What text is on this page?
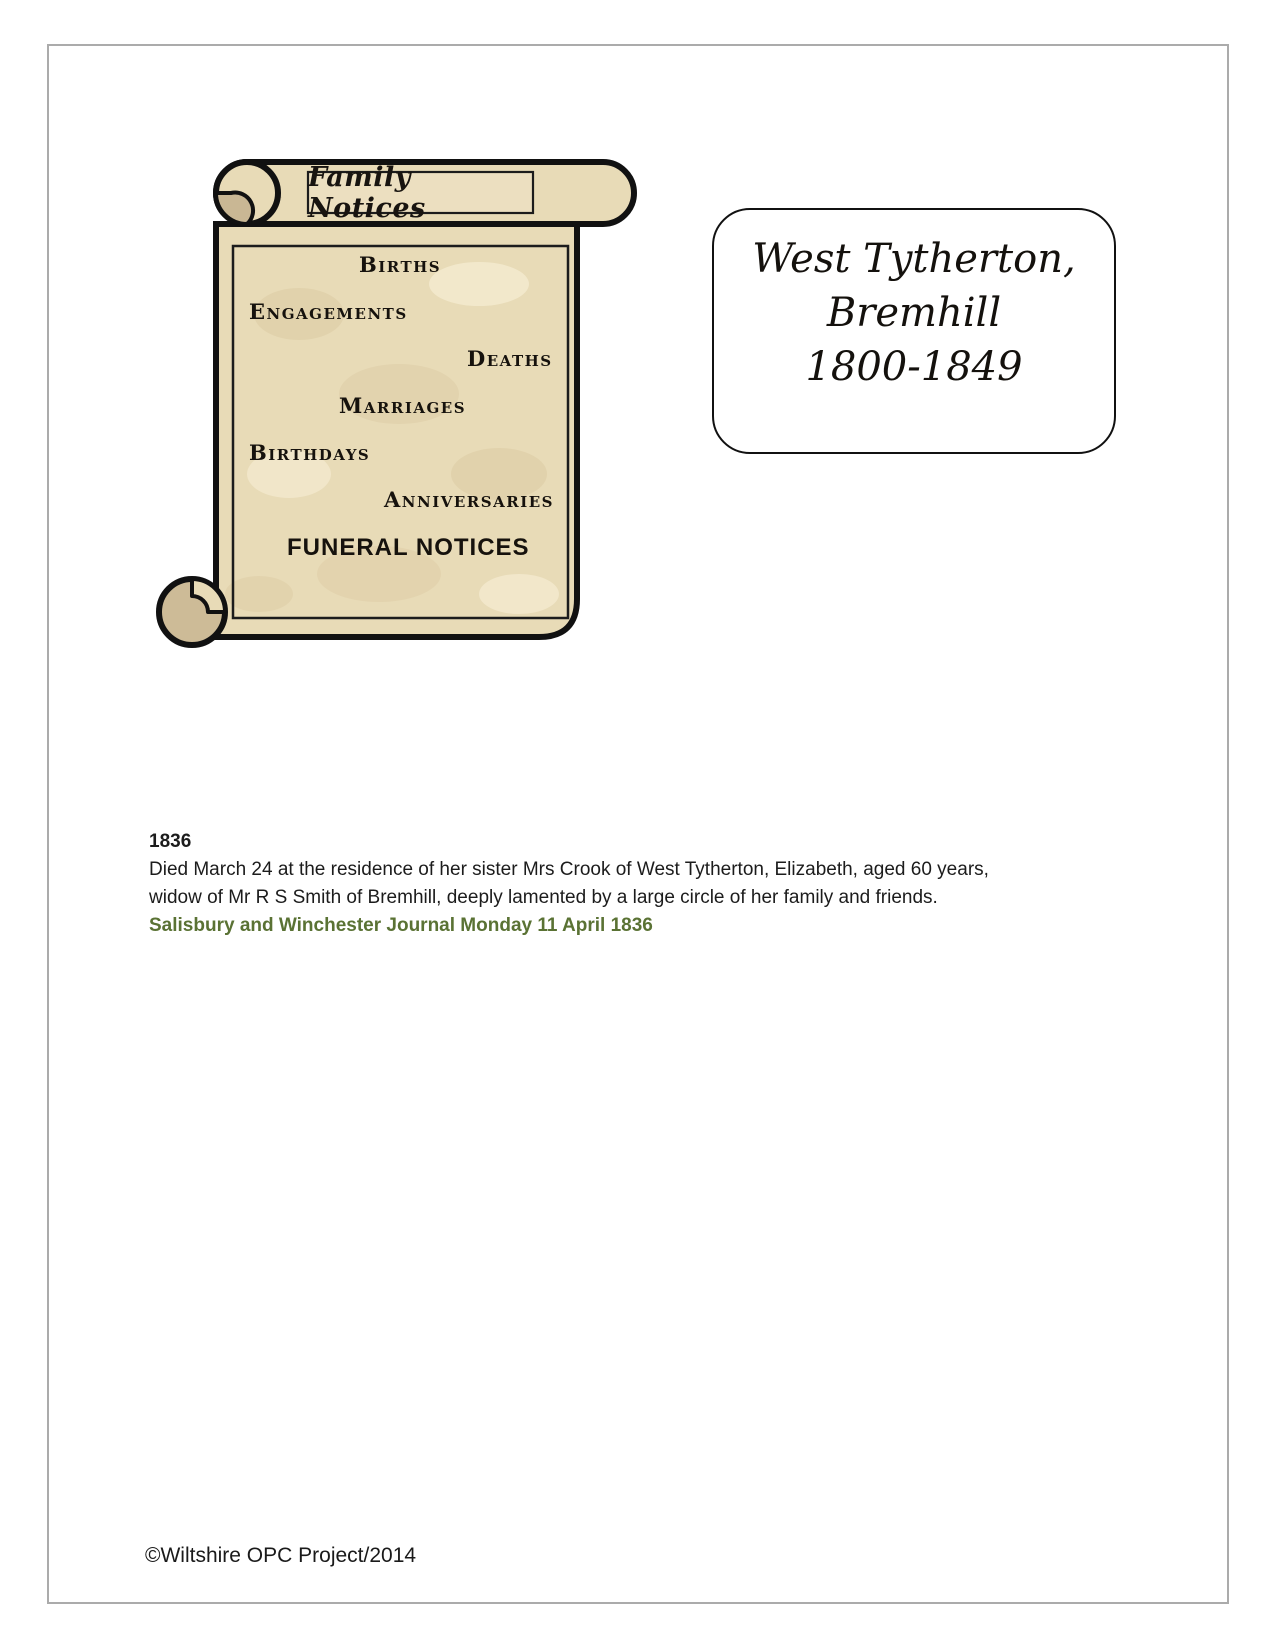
Family Notices
Births
Engagements
Deaths
Marriages
Birthdays
Anniversaries
FUNERAL NOTICES
West Tytherton,
Bremhill
1800-1849
1836
Died March 24 at the residence of her sister Mrs Crook of West Tytherton, Elizabeth, aged 60 years,
widow of Mr R S Smith of Bremhill, deeply lamented by a large circle of her family and friends.
Salisbury and Winchester Journal Monday 11 April 1836
©Wiltshire OPC Project/2014
